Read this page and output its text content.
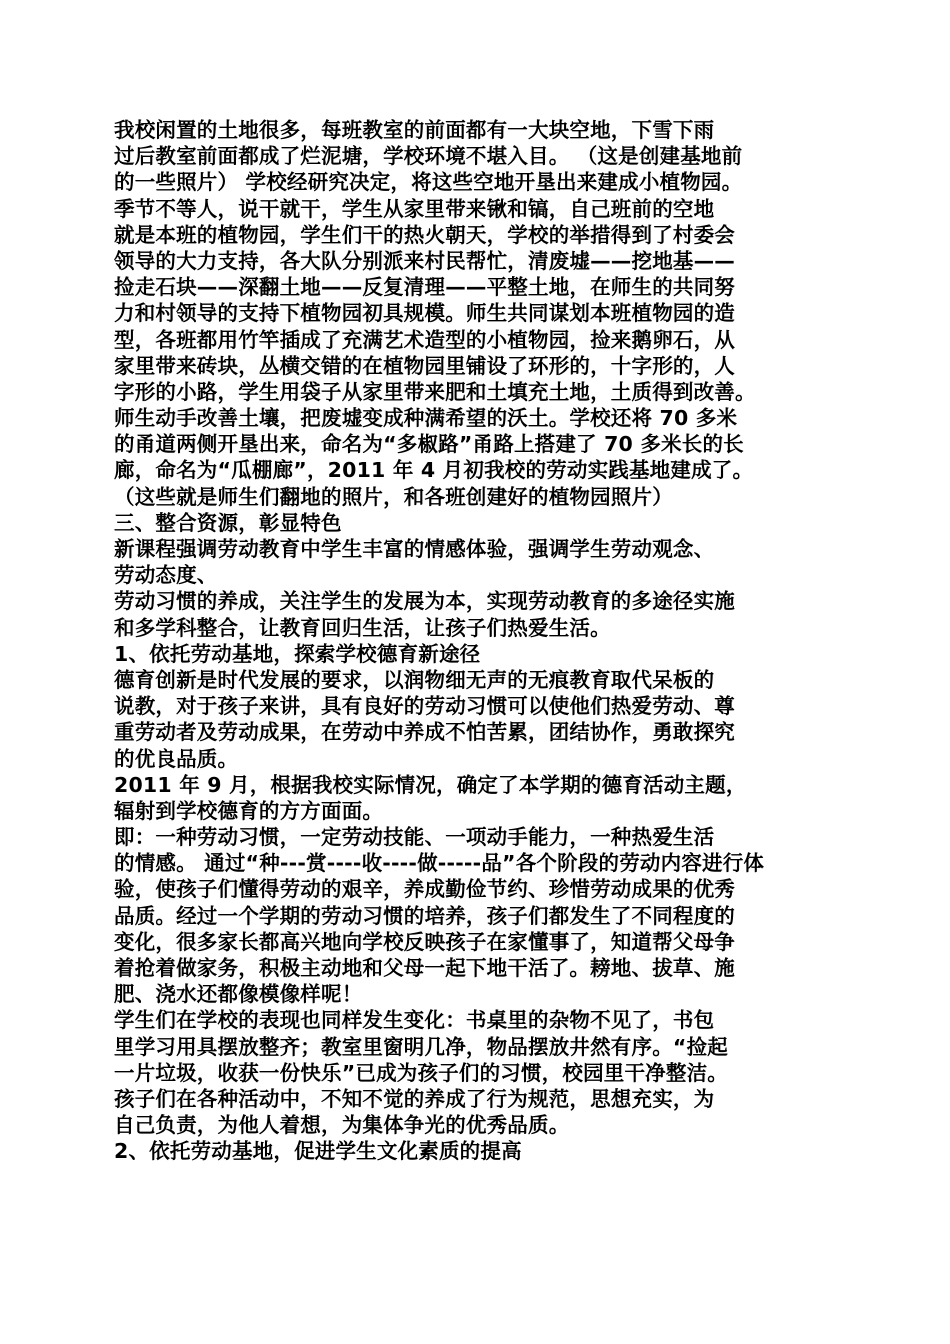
我校闲置的土地很多，每班教室的前面都有一大块空地，下雪下雨
过后教室前面都成了烂泥塘，学校环境不堪入目。 （这是创建基地前
的一些照片） 学校经研究决定，将这些空地开垦出来建成小植物园。
季节不等人，说干就干，学生从家里带来锹和镐，自己班前的空地
就是本班的植物园，学生们干的热火朝天，学校的举措得到了村委会
领导的大力支持，各大队分别派来村民帮忙，清废墟——挖地基——
捡走石块——深翻土地——反复清理——平整土地，在师生的共同努
力和村领导的支持下植物园初具规模。师生共同谋划本班植物园的造
型，各班都用竹竿插成了充满艺术造型的小植物园，捡来鹅卵石，从
家里带来砖块，丛横交错的在植物园里铺设了环形的，十字形的，人
字形的小路，学生用袋子从家里带来肥和土填充土地，土质得到改善。
师生动手改善土壤，把废墟变成种满希望的沃土。学校还将 70 多米
的甬道两侧开垦出来，命名为“多椒路”甬路上搭建了 70 多米长的长
廊，命名为“瓜棚廊”，2011 年 4 月初我校的劳动实践基地建成了。
（这些就是师生们翻地的照片，和各班创建好的植物园照片）
三、整合资源，彰显特色
新课程强调劳动教育中学生丰富的情感体验，强调学生劳动观念、
劳动态度、
劳动习惯的养成，关注学生的发展为本，实现劳动教育的多途径实施
和多学科整合，让教育回归生活，让孩子们热爱生活。
1、依托劳动基地，探索学校德育新途径
德育创新是时代发展的要求，以润物细无声的无痕教育取代呆板的
说教，对于孩子来讲，具有良好的劳动习惯可以使他们热爱劳动、尊
重劳动者及劳动成果，在劳动中养成不怕苦累，团结协作，勇敢探究
的优良品质。
2011 年 9 月，根据我校实际情况，确定了本学期的德育活动主题，
辐射到学校德育的方方面面。
即：一种劳动习惯，一定劳动技能、一项动手能力，一种热爱生活
的情感。 通过“种---赏----收----做-----品”各个阶段的劳动内容进行体
验，使孩子们懂得劳动的艰辛，养成勤俭节约、珍惜劳动成果的优秀
品质。经过一个学期的劳动习惯的培养，孩子们都发生了不同程度的
变化，很多家长都高兴地向学校反映孩子在家懂事了，知道帮父母争
着抢着做家务，积极主动地和父母一起下地干活了。耪地、拔草、施
肥、浇水还都像模像样呢！
学生们在学校的表现也同样发生变化：书桌里的杂物不见了，书包
里学习用具摆放整齐；教室里窗明几净，物品摆放井然有序。“捡起
一片垃圾，收获一份快乐”已成为孩子们的习惯，校园里干净整洁。
孩子们在各种活动中，不知不觉的养成了行为规范，思想充实，为
自己负责，为他人着想，为集体争光的优秀品质。
2、依托劳动基地，促进学生文化素质的提高
